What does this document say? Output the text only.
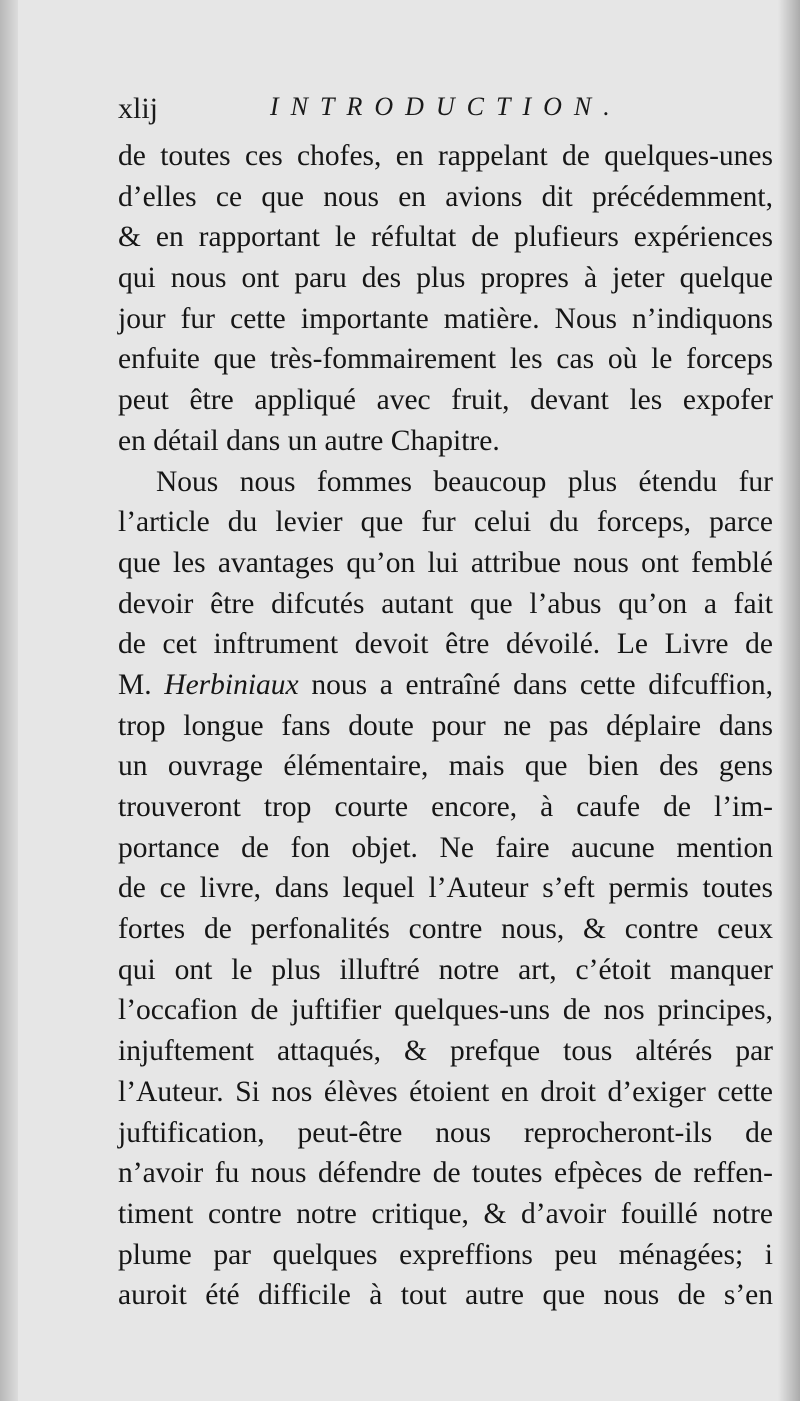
xlij	INTRODUCTION.
de toutes ces chofes, en rappelant de quelques-unes
d’elles ce que nous en avions dit précédemment,
& en rapportant le réfultat de plufieurs expériences
qui nous ont paru des plus propres à jeter quelque
jour fur cette importante matière. Nous n’indiquons
enfuite que très-fommairement les cas où le forceps
peut être appliqué avec fruit, devant les expofer
en détail dans un autre Chapitre.
Nous nous fommes beaucoup plus étendu fur
l’article du levier que fur celui du forceps, parce
que les avantages qu’on lui attribue nous ont femblé
devoir être difcutés autant que l’abus qu’on a fait
de cet inftrument devoit être dévoilé. Le Livre de
M. Herbiniaux nous a entraîné dans cette difcuffion,
trop longue fans doute pour ne pas déplaire dans
un ouvrage élémentaire, mais que bien des gens
trouveront trop courte encore, à caufe de l’im-
portance de fon objet. Ne faire aucune mention
de ce livre, dans lequel l’Auteur s’eft permis toutes
fortes de perfonalités contre nous, & contre ceux
qui ont le plus illuftré notre art, c’étoit manquer
l’occafion de juftifier quelques-uns de nos principes,
injuftement attaqués, & prefque tous altérés par
l’Auteur. Si nos élèves étoient en droit d’exiger cette
juftification, peut-être nous reprocheront-ils de
n’avoir fu nous défendre de toutes efpèces de reffen-
timent contre notre critique, & d’avoir fouillé notre
plume par quelques expreffions peu ménagées; i
auroit été difficile à tout autre que nous de s’en
